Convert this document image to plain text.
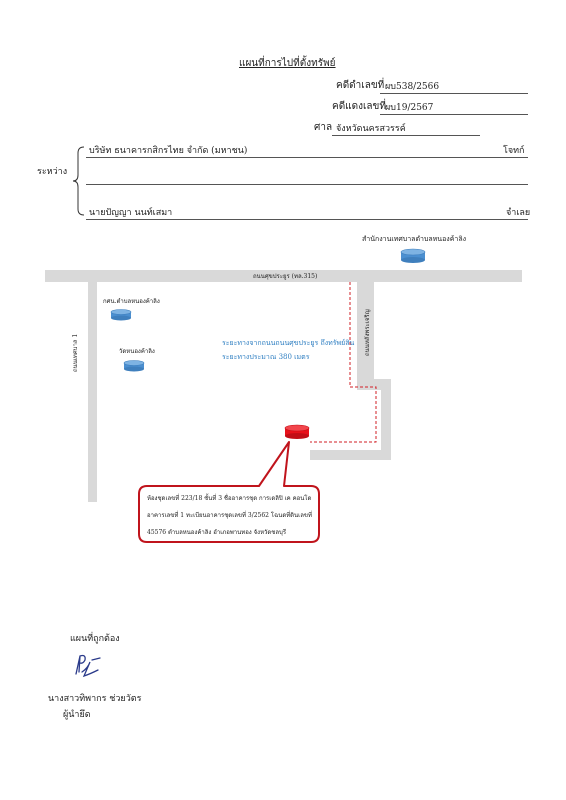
แผนที่การไปที่ตั้งทรัพย์
คดีดำเลขที่ ผบ538/2566
คดีแดงเลขที่ ผบ19/2567
ศาล จังหวัดนครสวรรค์
ระหว่าง
บริษัท ธนาคารกสิกรไทย จำกัด (มหาชน)	โจทก์
นายปัญญา นนท์เสมา	จำเลย
สำนักงานเทศบาลตำบลหนองค้าลิง
ถนนศุขประยูร (ทล.315)
ถนนเทศบาล 1	ถนนหลังพระเจริญ
กศน.ตำบลหนองค้าลิง
วัดหนองค้าลิง
ระยะทางจากถนนถนนศุขประยูร ถึงทรัพย์สิน
ระยะทางประมาณ 380 เมตร
ห้องชุดเลขที่ 223/18 ชั้นที่ 3 ชื่ออาคารชุด การเดลิปิ เค คอนโด
อาคารเลขที่ 1 ทะเบียนอาคารชุดเลขที่ 3/2562 โฉนดที่ดินเลขที่
45576 ตำบลหนองค้าลิง อำเภอพานทอง จังหวัดชลบุรี
แผนที่ถูกต้อง
นางสาวทิพากร ช่วยวัตร
ผู้นำยึด
